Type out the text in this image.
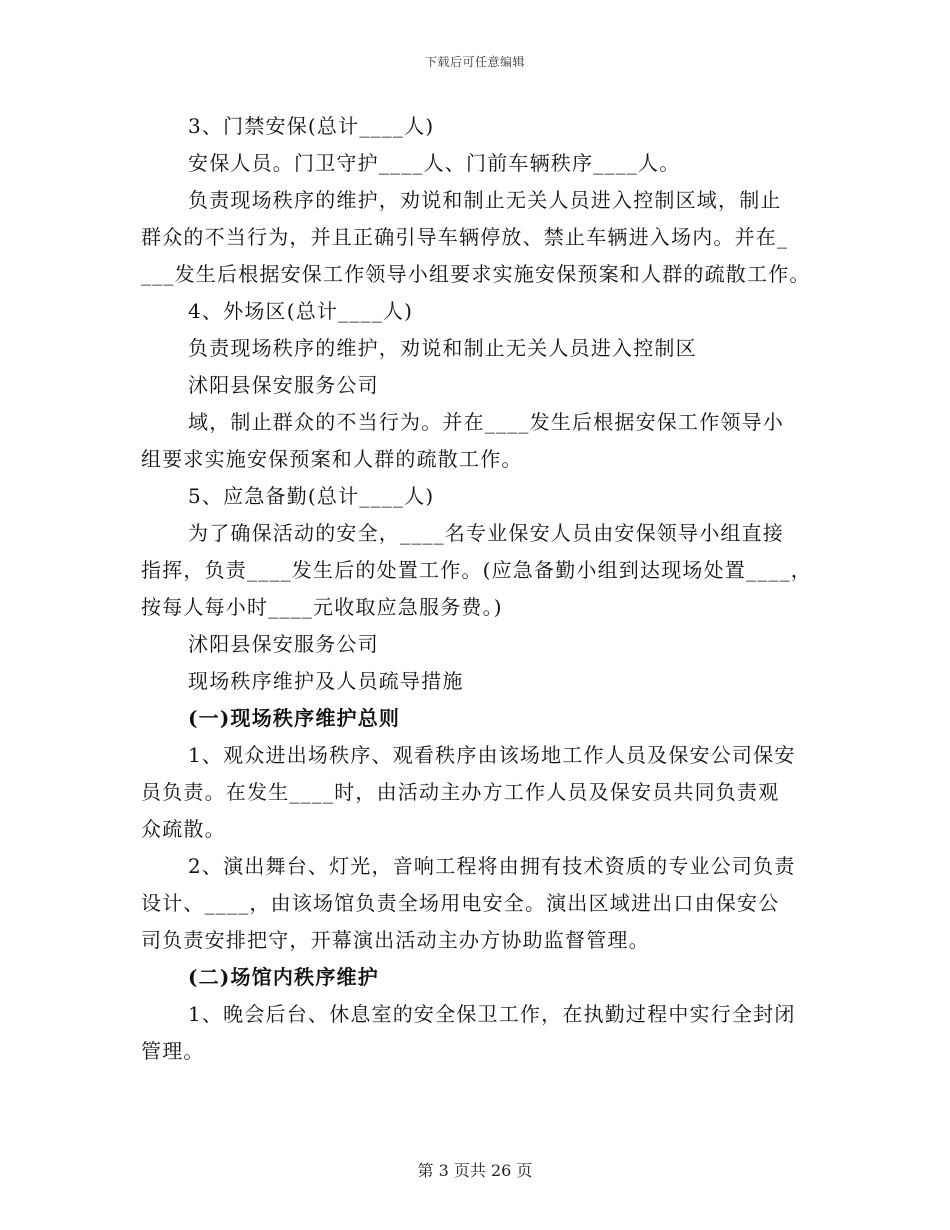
下载后可任意编辑
3、门禁安保(总计____人)
安保人员。门卫守护____人、门前车辆秩序____人。
负责现场秩序的维护，劝说和制止无关人员进入控制区域，制止
群众的不当行为，并且正确引导车辆停放、禁止车辆进入场内。并在_
___发生后根据安保工作领导小组要求实施安保预案和人群的疏散工作。
4、外场区(总计____人)
负责现场秩序的维护，劝说和制止无关人员进入控制区
沭阳县保安服务公司
域，制止群众的不当行为。并在____发生后根据安保工作领导小
组要求实施安保预案和人群的疏散工作。
5、应急备勤(总计____人)
为了确保活动的安全，____名专业保安人员由安保领导小组直接
指挥，负责____发生后的处置工作。(应急备勤小组到达现场处置____，
按每人每小时____元收取应急服务费。)
沭阳县保安服务公司
现场秩序维护及人员疏导措施
(一)现场秩序维护总则
1、观众进出场秩序、观看秩序由该场地工作人员及保安公司保安
员负责。在发生____时，由活动主办方工作人员及保安员共同负责观
众疏散。
2、演出舞台、灯光，音响工程将由拥有技术资质的专业公司负责
设计、____，由该场馆负责全场用电安全。演出区域进出口由保安公
司负责安排把守，开幕演出活动主办方协助监督管理。
(二)场馆内秩序维护
1、晚会后台、休息室的安全保卫工作，在执勤过程中实行全封闭
管理。
第 3 页共 26 页
